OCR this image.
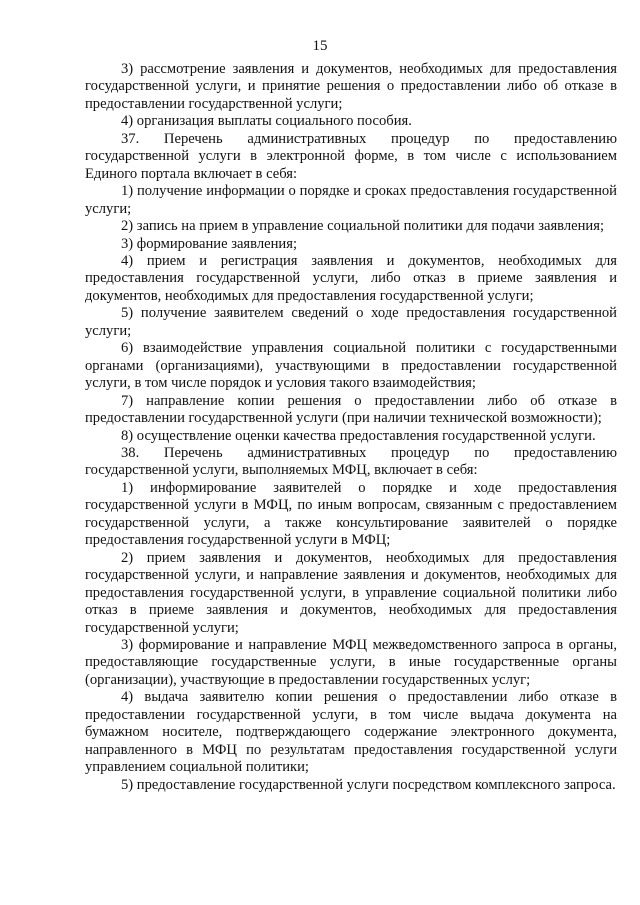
15

3) рассмотрение заявления и документов, необходимых для предоставления государственной услуги, и принятие решения о предоставлении либо об отказе в предоставлении государственной услуги;

4) организация выплаты социального пособия.

37. Перечень административных процедур по предоставлению государственной услуги в электронной форме, в том числе с использованием Единого портала включает в себя:

1) получение информации о порядке и сроках предоставления государственной услуги;

2) запись на прием в управление социальной политики для подачи заявления;

3) формирование заявления;

4) прием и регистрация заявления и документов, необходимых для предоставления государственной услуги, либо отказ в приеме заявления и документов, необходимых для предоставления государственной услуги;

5) получение заявителем сведений о ходе предоставления государственной услуги;

6) взаимодействие управления социальной политики с государственными органами (организациями), участвующими в предоставлении государственной услуги, в том числе порядок и условия такого взаимодействия;

7) направление копии решения о предоставлении либо об отказе в предоставлении государственной услуги (при наличии технической возможности);

8) осуществление оценки качества предоставления государственной услуги.

38. Перечень административных процедур по предоставлению государственной услуги, выполняемых МФЦ, включает в себя:

1) информирование заявителей о порядке и ходе предоставления государственной услуги в МФЦ, по иным вопросам, связанным с предоставлением государственной услуги, а также консультирование заявителей о порядке предоставления государственной услуги в МФЦ;

2) прием заявления и документов, необходимых для предоставления государственной услуги, и направление заявления и документов, необходимых для предоставления государственной услуги, в управление социальной политики либо отказ в приеме заявления и документов, необходимых для предоставления государственной услуги;

3) формирование и направление МФЦ межведомственного запроса в органы, предоставляющие государственные услуги, в иные государственные органы (организации), участвующие в предоставлении государственных услуг;

4) выдача заявителю копии решения о предоставлении либо отказе в предоставлении государственной услуги, в том числе выдача документа на бумажном носителе, подтверждающего содержание электронного документа, направленного в МФЦ по результатам предоставления государственной услуги управлением социальной политики;

5) предоставление государственной услуги посредством комплексного запроса.
